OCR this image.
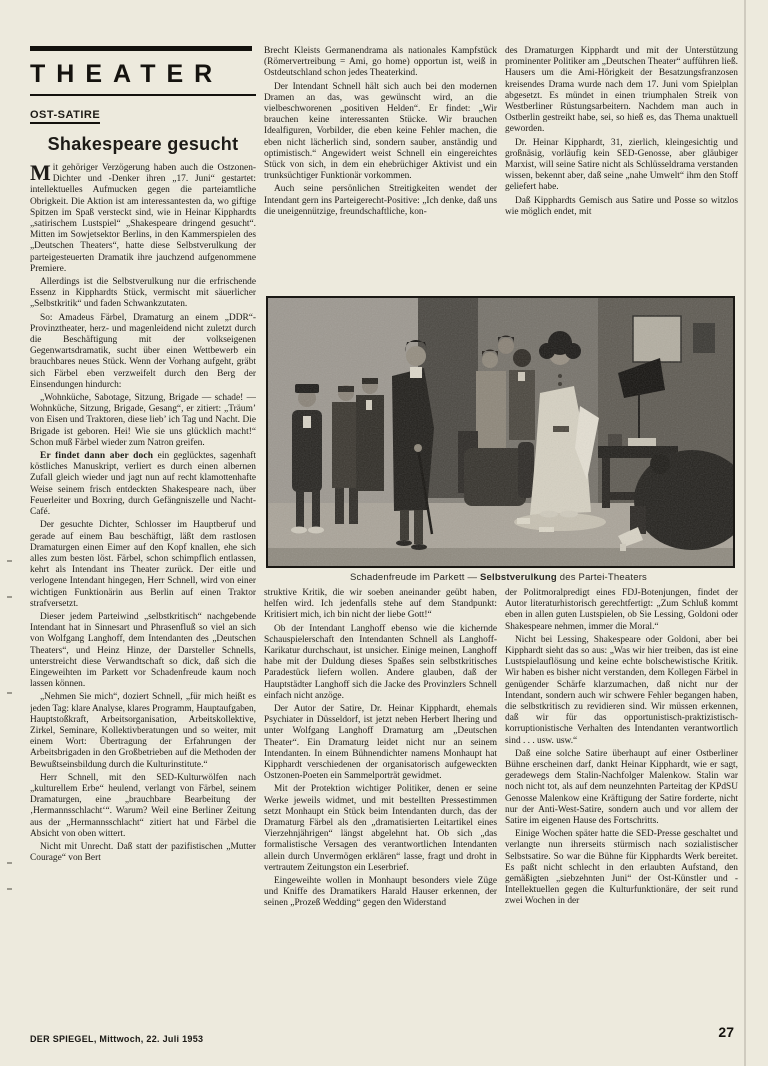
THEATER
OST-SATIRE
Shakespeare gesucht

Mit gehöriger Verzögerung haben auch die Ostzonen-Dichter und -Denker ihren „17. Juni“ gestartet: intellektuelles Aufmucken gegen die parteiamtliche Obrigkeit. Die Aktion ist am interessantesten da, wo giftige Spitzen im Spaß versteckt sind, wie in Heinar Kipphardts „satirischem Lustspiel“ „Shakespeare dringend gesucht“. Mitten im Sowjetsektor Berlins, in den Kammerspielen des „Deutschen Theaters“, hatte diese Selbstverulkung der parteigesteuerten Dramatik ihre jauchzend aufgenommene Premiere.

Allerdings ist die Selbstverulkung nur die erfrischende Essenz in Kipphardts Stück, vermischt mit säuerlicher „Selbstkritik“ und faden Schwankzutaten.

So: Amadeus Färbel, Dramaturg an einem „DDR“-Provinztheater, herz- und magenleidend nicht zuletzt durch die Beschäftigung mit der volkseigenen Gegenwartsdramatik, sucht über einen Wettbewerb ein brauchbares neues Stück. Wenn der Vorhang aufgeht, gräbt sich Färbel eben verzweifelt durch den Berg der Einsendungen hindurch:

„Wohnküche, Sabotage, Sitzung, Brigade — schade! — Wohnküche, Sitzung, Brigade, Gesang“, er zitiert: „Träum’ von Eisen und Traktoren, diese lieb’ ich Tag und Nacht. Die Brigade ist geboren. Hei! Wie sie uns glücklich macht!“ Schon muß Färbel wieder zum Natron greifen.

Er findet dann aber doch ein geglücktes, sagenhaft köstliches Manuskript, verliert es durch einen albernen Zufall gleich wieder und jagt nun auf recht klamottenhafte Weise seinem frisch entdeckten Shakespeare nach, über Feuerleiter und Boxring, durch Gefängniszelle und Nacht-Café.

Der gesuchte Dichter, Schlosser im Hauptberuf und gerade auf einem Bau beschäftigt, läßt dem rastlosen Dramaturgen einen Eimer auf den Kopf knallen, ehe sich alles zum besten löst. Färbel, schon schimpflich entlassen, kehrt als Intendant ins Theater zurück. Der eitle und verlogene Intendant hingegen, Herr Schnell, wird von einer wichtigen Funktionärin aus Berlin auf einen Traktor strafversetzt.

Dieser jedem Parteiwind „selbstkritisch“ nachgebende Intendant hat in Sinnesart und Phrasenfluß so viel an sich von Wolfgang Langhoff, dem Intendanten des „Deutschen Theaters“, und Heinz Hinze, der Darsteller Schnells, unterstreicht diese Verwandtschaft so dick, daß sich die Eingeweihten im Parkett vor Schadenfreude kaum noch lassen können.

„Nehmen Sie mich“, doziert Schnell, „für mich heißt es jeden Tag: klare Analyse, klares Programm, Hauptaufgaben, Hauptstoßkraft, Arbeitsorganisation, Arbeitskollektive, Zirkel, Seminare, Kollektivberatungen und so weiter, mit einem Wort: Übertragung der Erfahrungen der Arbeitsbrigaden in den Großbetrieben auf die Methoden der Bewußtseinsbildung durch die Kulturinstitute.“

Herr Schnell, mit den SED-Kulturwölfen nach „kulturellem Erbe“ heulend, verlangt von Färbel, seinem Dramaturgen, eine „brauchbare Bearbeitung der ‚Hermannsschlacht‘“. Warum? Weil eine Berliner Zeitung aus der „Hermannsschlacht“ zitiert hat und Färbel die Absicht von oben wittert.

Nicht mit Unrecht. Daß statt der pazifistischen „Mutter Courage“ von Bert

Brecht Kleists Germanendrama als nationales Kampfstück (Römervertreibung = Ami, go home) opportun ist, weiß in Ostdeutschland schon jedes Theaterkind.

Der Intendant Schnell hält sich auch bei den modernen Dramen an das, was gewünscht wird, an die vielbeschworenen „positiven Helden“. Er findet: „Wir brauchen keine interessanten Stücke. Wir brauchen Idealfiguren, Vorbilder, die eben keine Fehler machen, die eben nicht lächerlich sind, sondern sauber, anständig und optimistisch.“ Angewidert weist Schnell ein eingereichtes Stück von sich, in dem ein ehebrüchiger Aktivist und ein trunksüchtiger Funktionär vorkommen.

Auch seine persönlichen Streitigkeiten wendet der Intendant gern ins Parteigerecht-Positive: „Ich denke, daß uns die uneigennützige, freundschaftliche, kon-

des Dramaturgen Kipphardt und mit der Unterstützung prominenter Politiker am „Deutschen Theater“ aufführen ließ. Hausers um die Ami-Hörigkeit der Besatzungsfranzosen kreisendes Drama wurde nach dem 17. Juni vom Spielplan abgesetzt. Es mündet in einen triumphalen Streik von Westberliner Rüstungsarbeitern. Nachdem man auch in Ostberlin gestreikt habe, sei, so hieß es, das Thema unaktuell geworden.

Dr. Heinar Kipphardt, 31, zierlich, kleingesichtig und großnäsig, vorläufig kein SED-Genosse, aber gläubiger Marxist, will seine Satire nicht als Schlüsseldrama verstanden wissen, bekennt aber, daß seine „nahe Umwelt“ ihm den Stoff geliefert habe.

Daß Kipphardts Gemisch aus Satire und Posse so witzlos wie möglich endet, mit

Schadenfreude im Parkett — Selbstverulkung des Partei-Theaters

struktive Kritik, die wir soeben aneinander geübt haben, helfen wird. Ich jedenfalls stehe auf dem Standpunkt: Kritisiert mich, ich bin nicht der liebe Gott!“

Ob der Intendant Langhoff ebenso wie die kichernde Schauspielerschaft den Intendanten Schnell als Langhoff-Karikatur durchschaut, ist unsicher. Einige meinen, Langhoff habe mit der Duldung dieses Spaßes sein selbstkritisches Paradestück liefern wollen. Andere glauben, daß der Hauptstädter Langhoff sich die Jacke des Provinzlers Schnell einfach nicht anzöge.

Der Autor der Satire, Dr. Heinar Kipphardt, ehemals Psychiater in Düsseldorf, ist jetzt neben Herbert Ihering und unter Wolfgang Langhoff Dramaturg am „Deutschen Theater“. Ein Dramaturg leidet nicht nur an seinem Intendanten. In einem Bühnendichter namens Monhaupt hat Kipphardt verschiedenen der organisatorisch aufgeweckten Ostzonen-Poeten ein Sammelporträt gewidmet.

Mit der Protektion wichtiger Politiker, denen er seine Werke jeweils widmet, und mit bestellten Pressestimmen setzt Monhaupt ein Stück beim Intendanten durch, das der Dramaturg Färbel als den „dramatisierten Leitartikel eines Vierzehnjährigen“ längst abgelehnt hat. Ob sich „das formalistische Versagen des verantwortlichen Intendanten allein durch Unvermögen erklären“ lasse, fragt und droht in vertrautem Zeitungston ein Leserbrief.

Eingeweihte wollen in Monhaupt besonders viele Züge und Kniffe des Dramatikers Harald Hauser erkennen, der seinen „Prozeß Wedding“ gegen den Widerstand

der Politmoralpredigt eines FDJ-Botenjungen, findet der Autor literaturhistorisch gerechtfertigt: „Zum Schluß kommt eben in allen guten Lustspielen, ob Sie Lessing, Goldoni oder Shakespeare nehmen, immer die Moral.“

Nicht bei Lessing, Shakespeare oder Goldoni, aber bei Kipphardt sieht das so aus: „Was wir hier treiben, das ist eine Lustspielauflösung und keine echte bolschewistische Kritik. Wir haben es bisher nicht verstanden, dem Kollegen Färbel in genügender Schärfe klarzumachen, daß nicht nur der Intendant, sondern auch wir schwere Fehler begangen haben, die selbstkritisch zu revidieren sind. Wir müssen erkennen, daß wir für das opportunistisch-praktizistisch-korruptionistische Verhalten des Intendanten verantwortlich sind . . . usw. usw.“

Daß eine solche Satire überhaupt auf einer Ostberliner Bühne erscheinen darf, dankt Heinar Kipphardt, wie er sagt, geradewegs dem Stalin-Nachfolger Malenkow. Stalin war noch nicht tot, als auf dem neunzehnten Parteitag der KPdSU Genosse Malenkow eine Kräftigung der Satire forderte, nicht nur der Anti-West-Satire, sondern auch und vor allem der Satire im eigenen Hause des Fortschritts.

Einige Wochen später hatte die SED-Presse geschaltet und verlangte nun ihrerseits stürmisch nach sozialistischer Selbstsatire. So war die Bühne für Kipphardts Werk bereitet. Es paßt nicht schlecht in den erlaubten Aufstand, den gemäßigten „siebzehnten Juni“ der Ost-Künstler und -Intellektuellen gegen die Kulturfunktionäre, der seit rund zwei Wochen in der

DER SPIEGEL, Mittwoch, 22. Juli 1953	27
